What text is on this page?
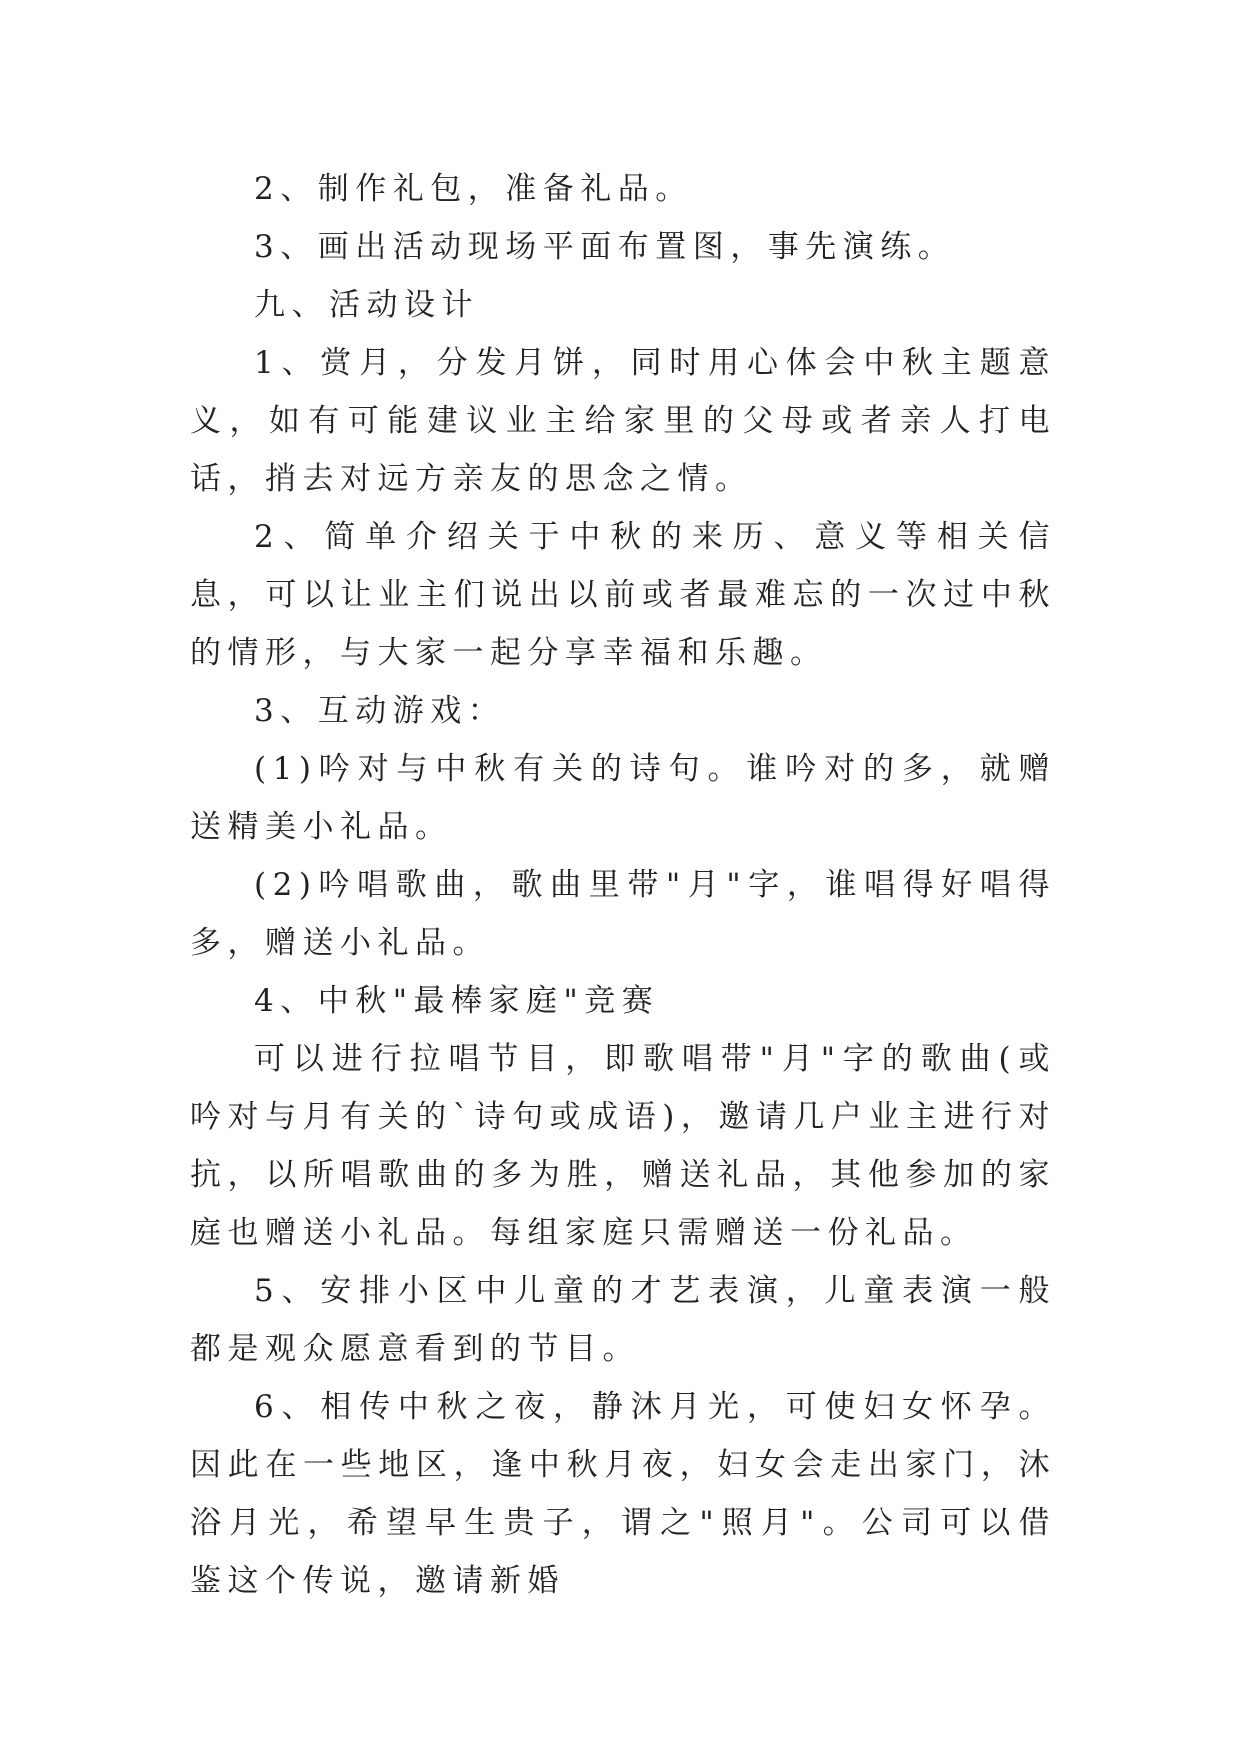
2、制作礼包，准备礼品。

3、画出活动现场平面布置图，事先演练。

九、活动设计

1、赏月，分发月饼，同时用心体会中秋主题意义，如有可能建议业主给家里的父母或者亲人打电话，捎去对远方亲友的思念之情。

2、简单介绍关于中秋的来历、意义等相关信息，可以让业主们说出以前或者最难忘的一次过中秋的情形，与大家一起分享幸福和乐趣。

3、互动游戏：

(1)吟对与中秋有关的诗句。谁吟对的多，就赠送精美小礼品。

(2)吟唱歌曲，歌曲里带"月"字，谁唱得好唱得多，赠送小礼品。

4、中秋"最棒家庭"竞赛

可以进行拉唱节目，即歌唱带"月"字的歌曲(或吟对与月有关的`诗句或成语)，邀请几户业主进行对抗，以所唱歌曲的多为胜，赠送礼品，其他参加的家庭也赠送小礼品。每组家庭只需赠送一份礼品。

5、安排小区中儿童的才艺表演，儿童表演一般都是观众愿意看到的节目。

6、相传中秋之夜，静沐月光，可使妇女怀孕。因此在一些地区，逢中秋月夜，妇女会走出家门，沐浴月光，希望早生贵子，谓之"照月"。公司可以借鉴这个传说，邀请新婚
